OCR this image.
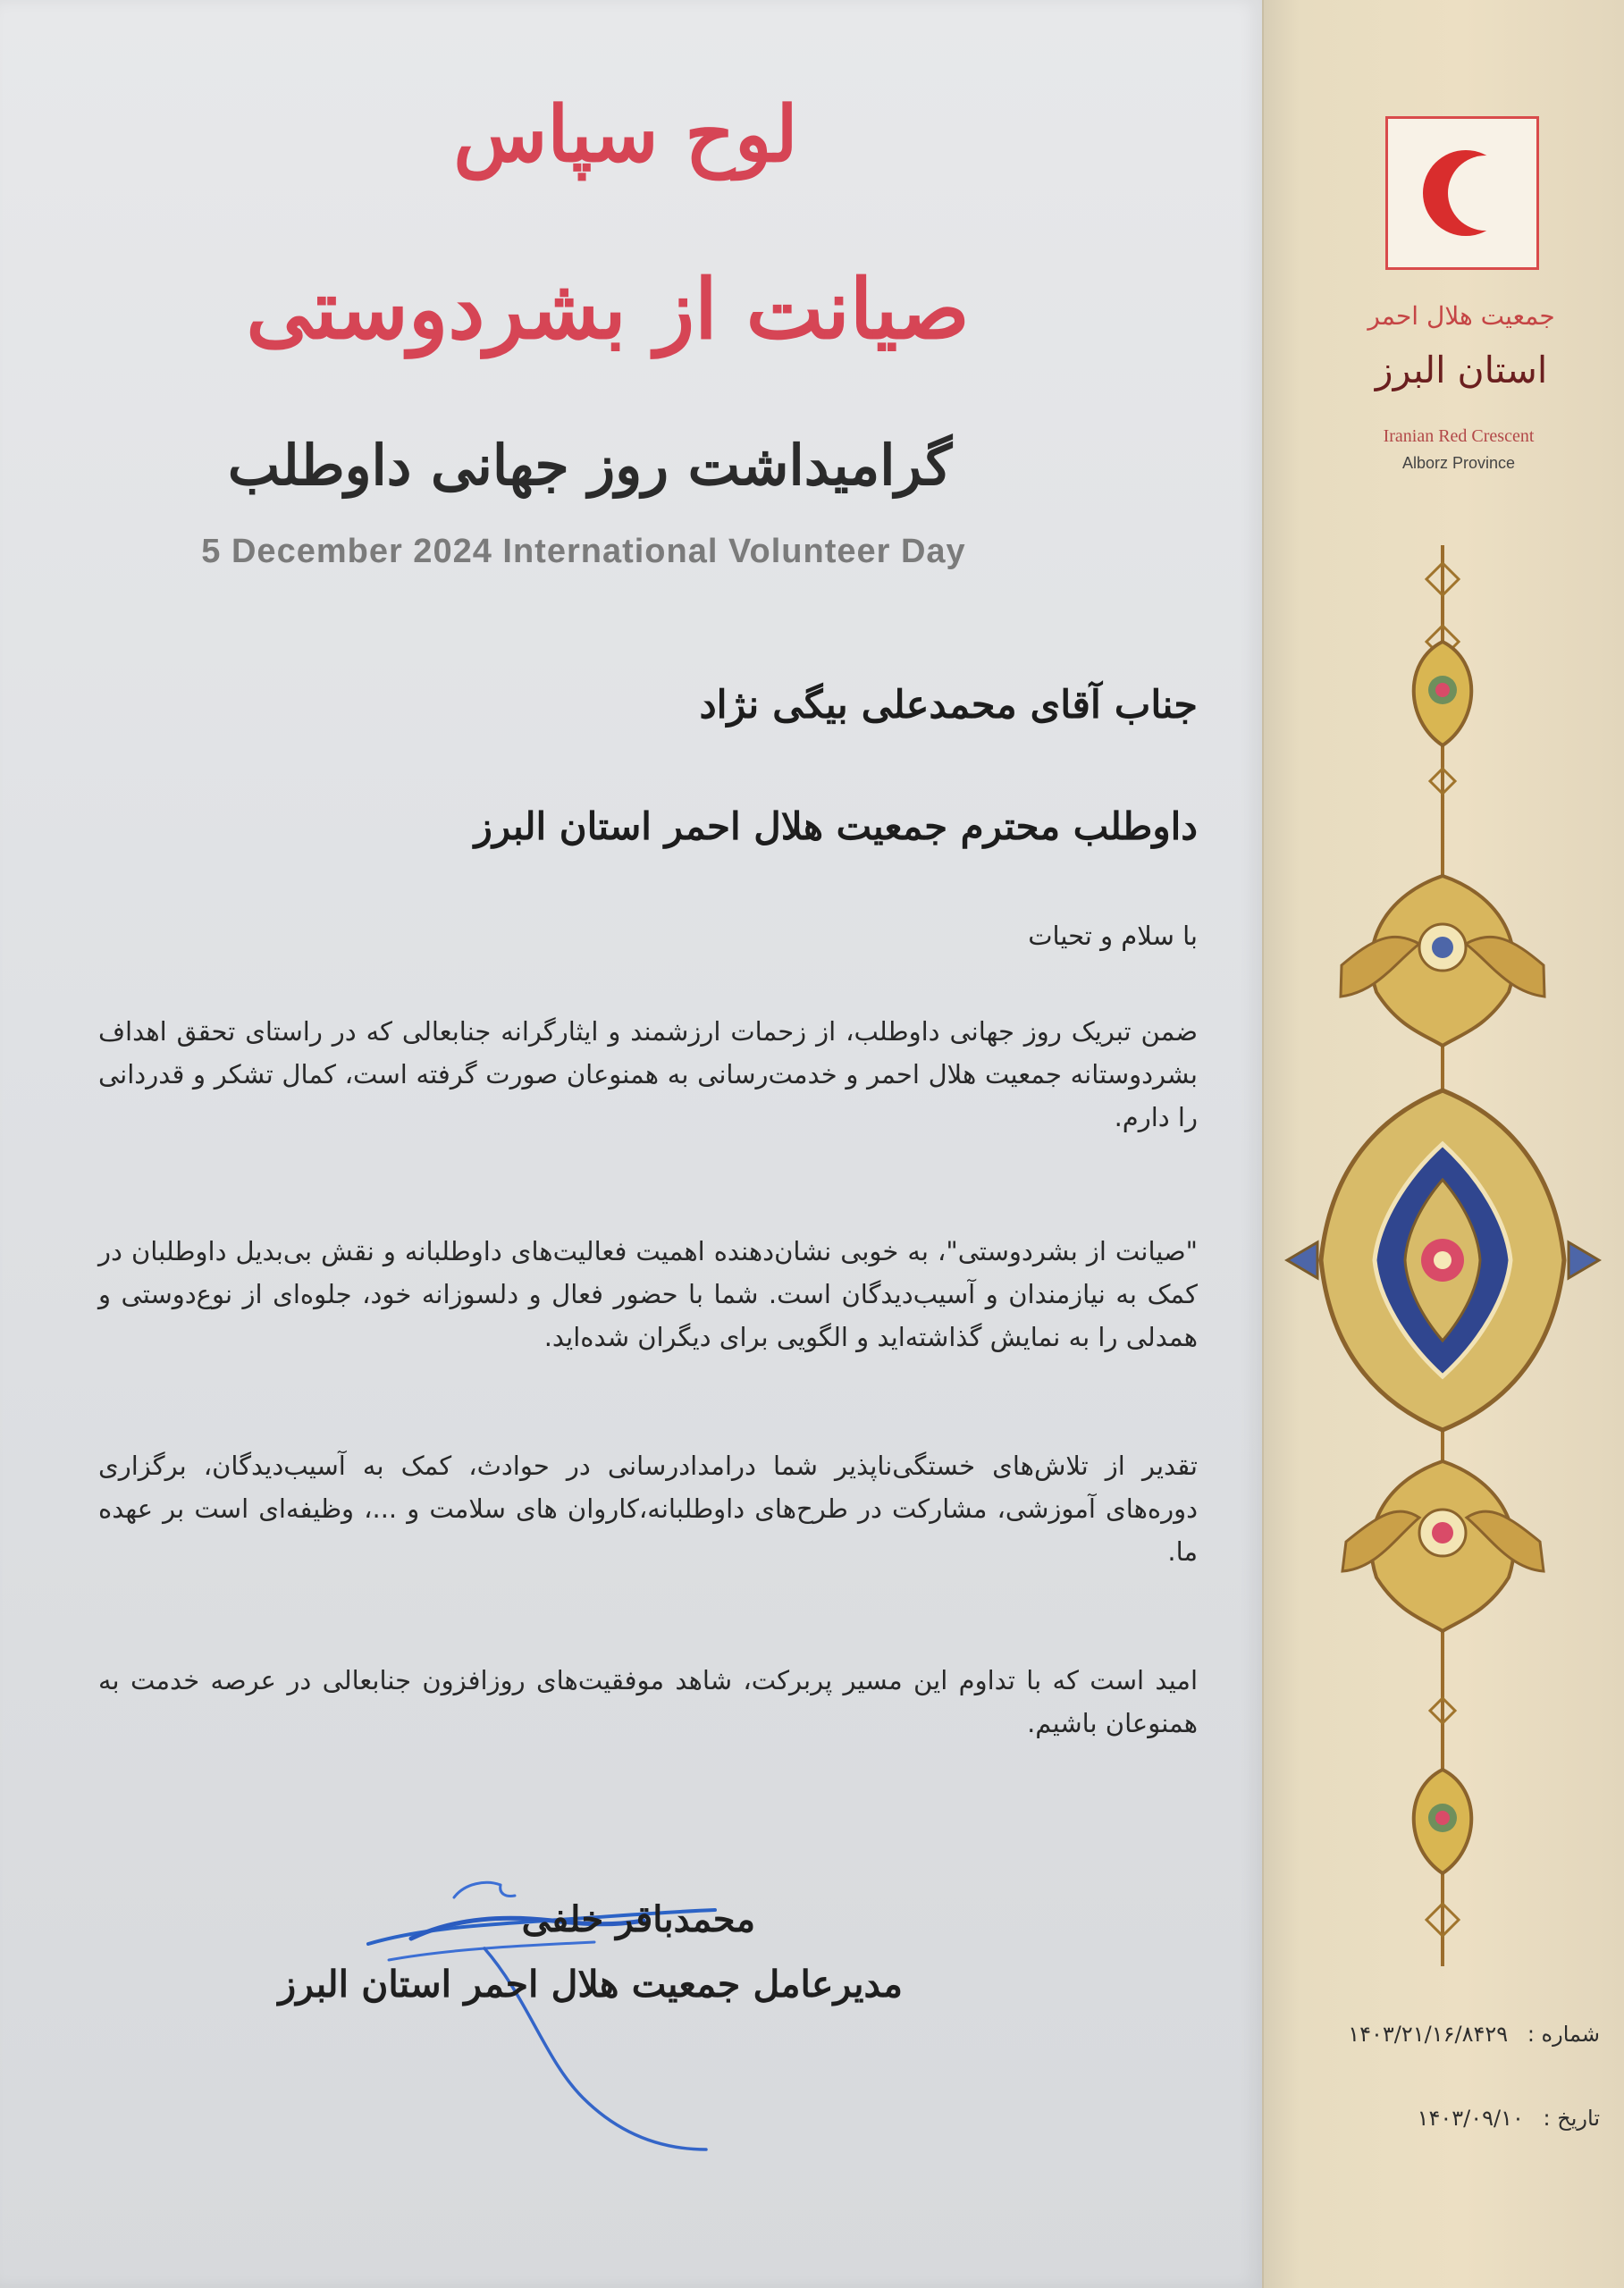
لوح سپاس
صیانت از بشردوستی
گرامیداشت روز جهانی داوطلب
5 December 2024 International Volunteer Day
جناب آقای محمدعلی بیگی نژاد
داوطلب محترم جمعیت هلال احمر استان البرز
با سلام و تحیات

ضمن تبریک روز جهانی داوطلب، از زحمات ارزشمند و ایثارگرانه جنابعالی که در راستای تحقق اهداف بشردوستانه جمعیت هلال احمر و خدمت‌رسانی به همنوعان صورت گرفته است، کمال تشکر و قدردانی را دارم.

"صیانت از بشردوستی"، به خوبی نشان‌دهنده اهمیت فعالیت‌های داوطلبانه و نقش بی‌بدیل داوطلبان در کمک به نیازمندان و آسیب‌دیدگان است. شما با حضور فعال و دلسوزانه خود، جلوه‌ای از نوع‌دوستی و همدلی را به نمایش گذاشته‌اید و الگویی برای دیگران شده‌اید.

تقدیر از تلاش‌های خستگی‌ناپذیر شما درامدادرسانی در حوادث، کمک به آسیب‌دیدگان، برگزاری دوره‌های آموزشی، مشارکت در طرح‌های داوطلبانه،کاروان های سلامت و ...، وظیفه‌ای است بر عهده ما.

امید است که با تداوم این مسیر پربرکت، شاهد موفقیت‌های روزافزون جنابعالی در عرصه خدمت به همنوعان باشیم.

محمدباقر خلفی
مدیرعامل جمعیت هلال احمر استان البرز
جمعیت هلال احمر
استان البرز
Iranian Red Crescent
Alborz Province
شماره : ۱۴۰۳/۲۱/۱۶/۸۴۲۹
تاریخ : ۱۴۰۳/۰۹/۱۰
